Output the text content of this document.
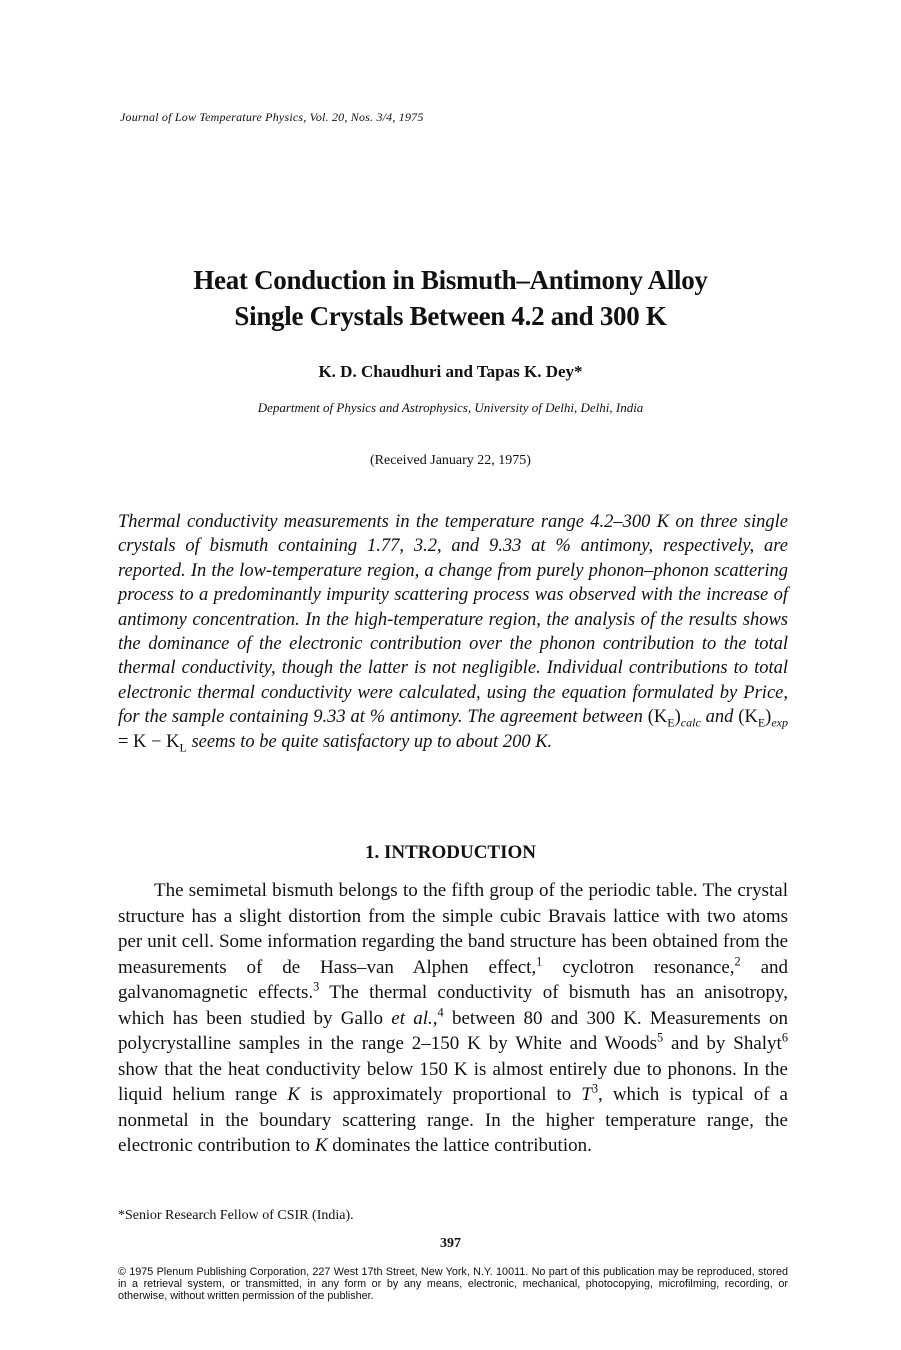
Journal of Low Temperature Physics, Vol. 20, Nos. 3/4, 1975
Heat Conduction in Bismuth–Antimony Alloy
Single Crystals Between 4.2 and 300 K
K. D. Chaudhuri and Tapas K. Dey*
Department of Physics and Astrophysics, University of Delhi, Delhi, India
(Received January 22, 1975)
Thermal conductivity measurements in the temperature range 4.2–300 K on three single crystals of bismuth containing 1.77, 3.2, and 9.33 at % antimony, respectively, are reported. In the low-temperature region, a change from purely phonon–phonon scattering process to a predominantly impurity scattering process was observed with the increase of antimony concentration. In the high-temperature region, the analysis of the results shows the dominance of the electronic contribution over the phonon contribution to the total thermal conductivity, though the latter is not negligible. Individual contributions to total electronic thermal conductivity were calculated, using the equation formulated by Price, for the sample containing 9.33 at % antimony. The agreement between $(K_E)_{calc}$ and $(K_E)_{exp} = K - K_L$ seems to be quite satisfactory up to about 200 K.
1. INTRODUCTION

The semimetal bismuth belongs to the fifth group of the periodic table. The crystal structure has a slight distortion from the simple cubic Bravais lattice with two atoms per unit cell. Some information regarding the band structure has been obtained from the measurements of de Hass–van Alphen effect,$^1$ cyclotron resonance,$^2$ and galvanomagnetic effects.$^3$ The thermal conductivity of bismuth has an anisotropy, which has been studied by Gallo et al.,$^4$ between 80 and 300 K. Measurements on polycrystalline samples in the range 2–150 K by White and Woods$^5$ and by Shalyt$^6$ show that the heat conductivity below 150 K is almost entirely due to phonons. In the liquid helium range K is approximately proportional to $T^3$, which is typical of a nonmetal in the boundary scattering range. In the higher temperature range, the electronic contribution to K dominates the lattice contribution.

*Senior Research Fellow of CSIR (India).
397
© 1975 Plenum Publishing Corporation, 227 West 17th Street, New York, N.Y. 10011. No part of this publication may be reproduced, stored in a retrieval system, or transmitted, in any form or by any means, electronic, mechanical, photocopying, microfilming, recording, or otherwise, without written permission of the publisher.
